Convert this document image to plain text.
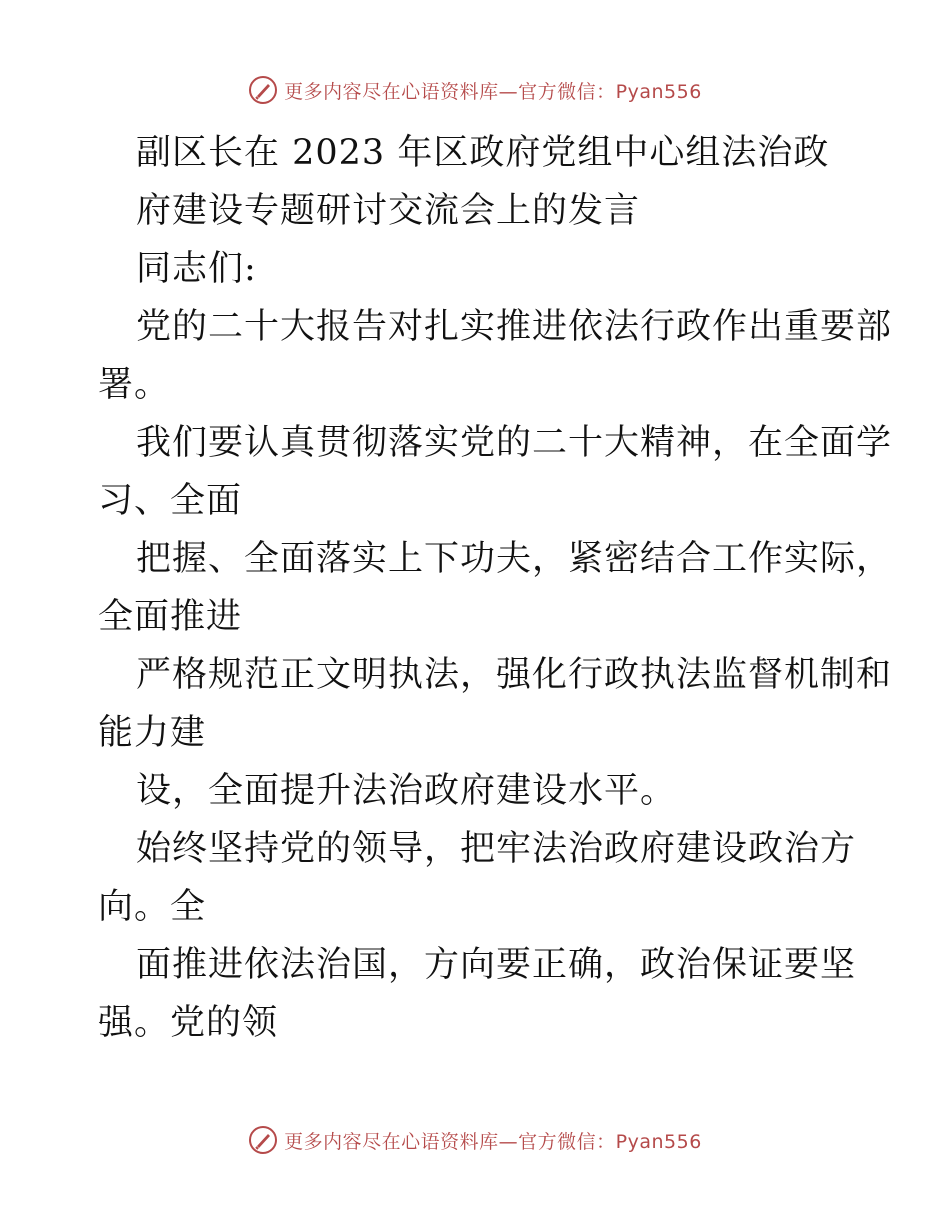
更多内容尽在心语资料库—官方微信：Pyan556
副区长在 2023 年区政府党组中心组法治政
府建设专题研讨交流会上的发言
同志们:
党的二十大报告对扎实推进依法行政作出重要部
署。
我们要认真贯彻落实党的二十大精神，在全面学
习、全面
把握、全面落实上下功夫，紧密结合工作实际，
全面推进
严格规范正文明执法，强化行政执法监督机制和
能力建
设，全面提升法治政府建设水平。
始终坚持党的领导，把牢法治政府建设政治方
向。全
面推进依法治国，方向要正确，政治保证要坚
强。党的领
更多内容尽在心语资料库—官方微信：Pyan556
